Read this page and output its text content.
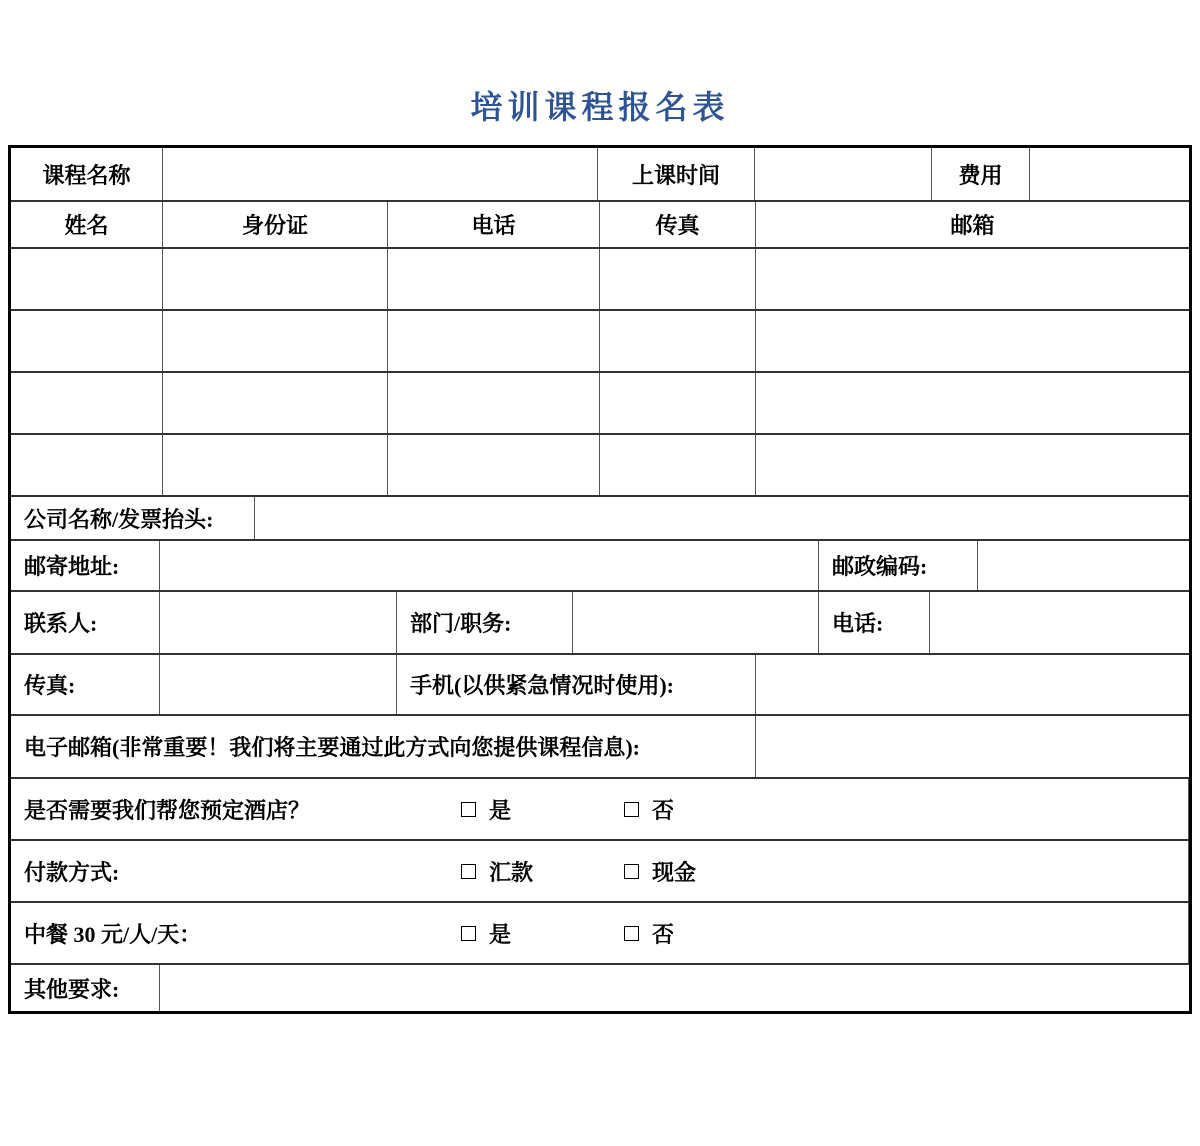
培训课程报名表
课程名称	上课时间	费用
姓名	身份证	电话	传真	邮箱
公司名称/发票抬头:
邮寄地址:	邮政编码:
联系人:	部门/职务:	电话:
传真:	手机(以供紧急情况时使用):
电子邮箱(非常重要！我们将主要通过此方式向您提供课程信息):
是否需要我们帮您预定酒店？	是	否
付款方式:	汇款	现金
中餐 30 元/人/天：	是	否
其他要求:
